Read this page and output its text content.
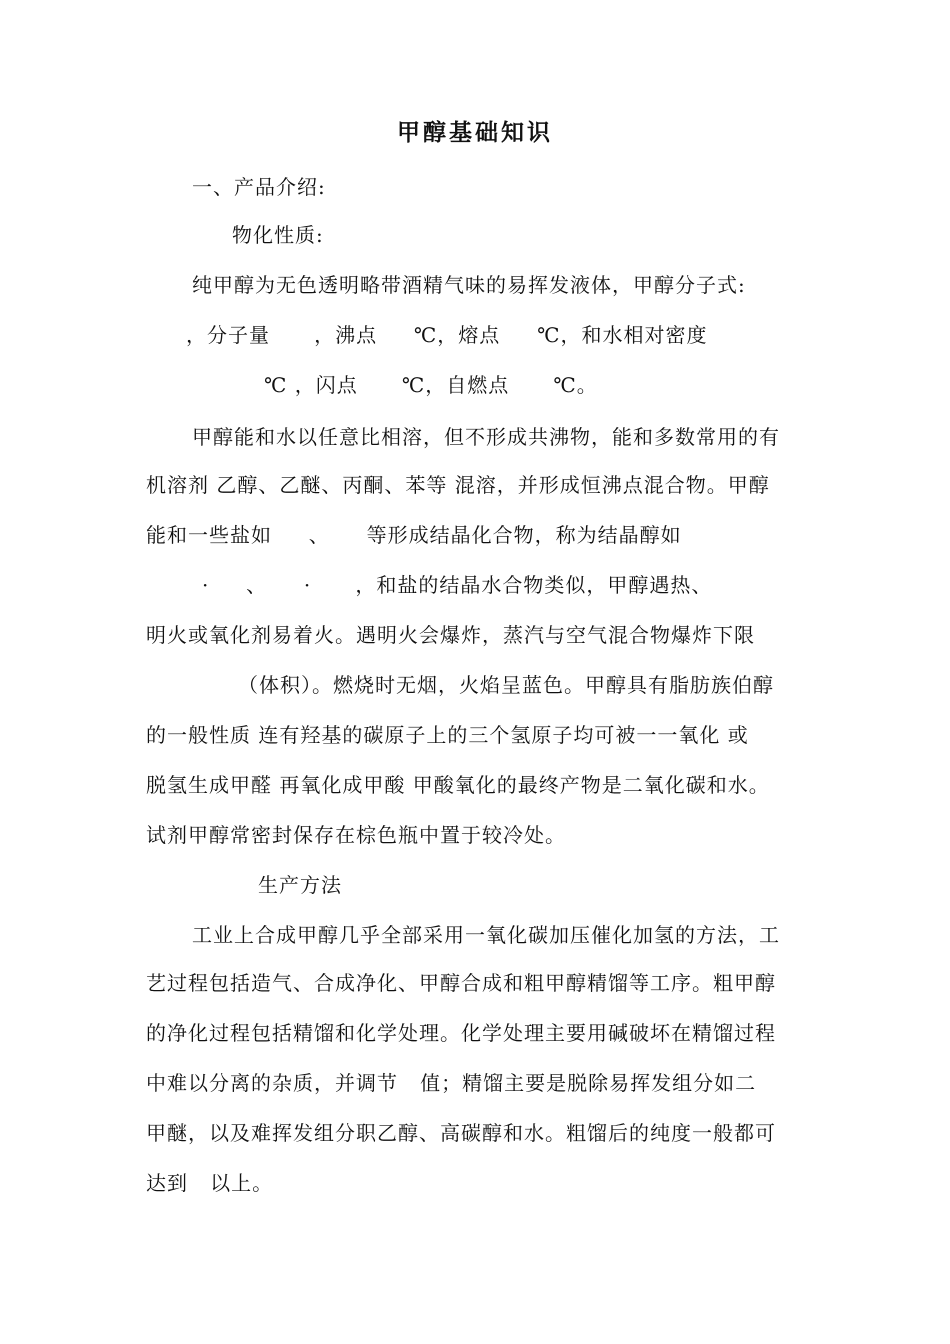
甲醇基础知识
一、产品介绍:
物化性质:
纯甲醇为无色透明略带酒精气味的易挥发液体，甲醇分子式:
，分子量      ，沸点     ℃，熔点     ℃，和水相对密度
℃ ，闪点      ℃，自燃点      ℃。
甲醇能和水以任意比相溶，但不形成共沸物，能和多数常用的有
机溶剂 乙醇、乙醚、丙酮、苯等 混溶，并形成恒沸点混合物。甲醇
能和一些盐如     、     等形成结晶化合物，称为结晶醇如
·     、     ·      ，和盐的结晶水合物类似，甲醇遇热、
明火或氧化剂易着火。遇明火会爆炸，蒸汽与空气混合物爆炸下限
（体积）。燃烧时无烟，火焰呈蓝色。甲醇具有脂肪族伯醇
的一般性质 连有羟基的碳原子上的三个氢原子均可被一一氧化 或
脱氢生成甲醛 再氧化成甲酸 甲酸氧化的最终产物是二氧化碳和水。
试剂甲醇常密封保存在棕色瓶中置于较冷处。
生产方法
工业上合成甲醇几乎全部采用一氧化碳加压催化加氢的方法，工
艺过程包括造气、合成净化、甲醇合成和粗甲醇精馏等工序。粗甲醇
的净化过程包括精馏和化学处理。化学处理主要用碱破坏在精馏过程
中难以分离的杂质，并调节   值；精馏主要是脱除易挥发组分如二
甲醚，以及难挥发组分职乙醇、高碳醇和水。粗馏后的纯度一般都可
达到   以上。
